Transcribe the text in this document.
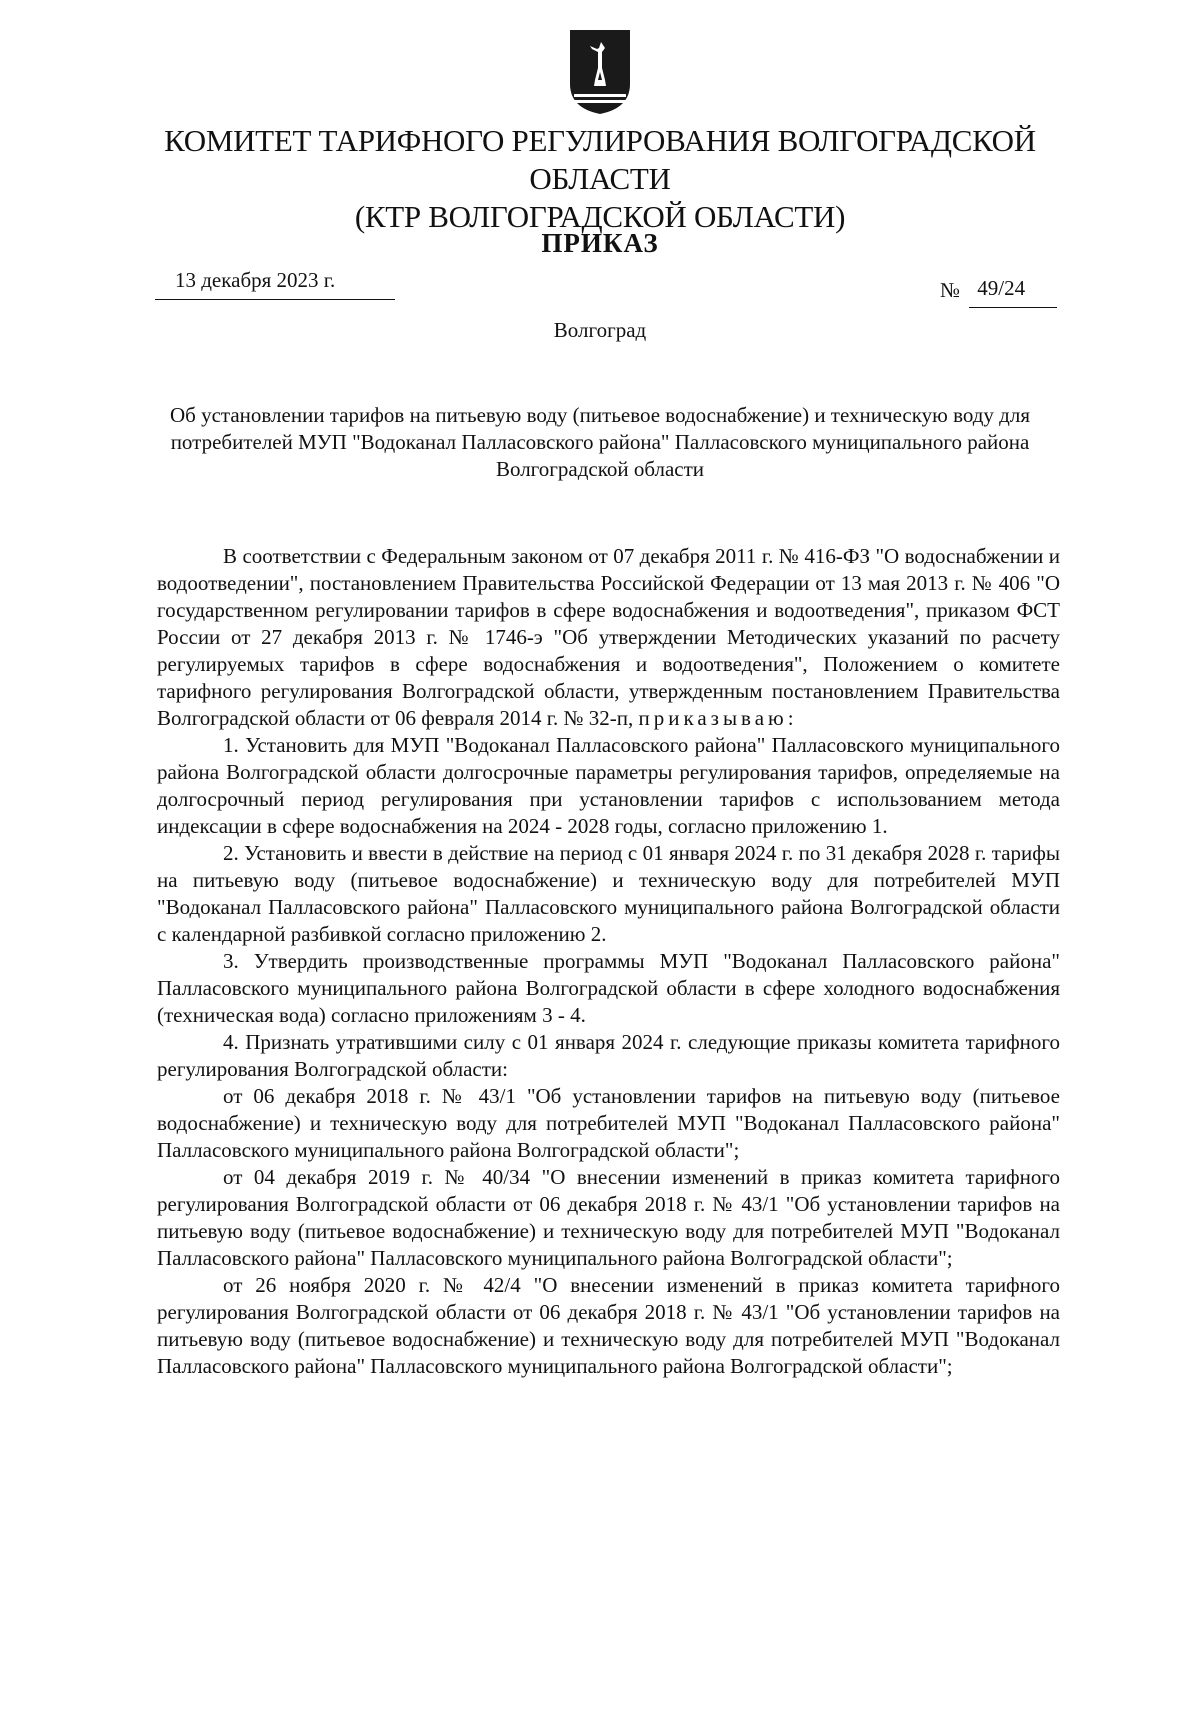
КОМИТЕТ ТАРИФНОГО РЕГУЛИРОВАНИЯ ВОЛГОГРАДСКОЙ ОБЛАСТИ
(КТР ВОЛГОГРАДСКОЙ ОБЛАСТИ)
ПРИКАЗ
13 декабря 2023 г.	№ 49/24
Волгоград
Об установлении тарифов на питьевую воду (питьевое водоснабжение) и техническую воду для потребителей МУП "Водоканал Палласовского района" Палласовского муниципального района Волгоградской области

В соответствии с Федеральным законом от 07 декабря 2011 г. № 416-ФЗ "О водоснабжении и водоотведении", постановлением Правительства Российской Федерации от 13 мая 2013 г. № 406 "О государственном регулировании тарифов в сфере водоснабжения и водоотведения", приказом ФСТ России от 27 декабря 2013 г. № 1746-э "Об утверждении Методических указаний по расчету регулируемых тарифов в сфере водоснабжения и водоотведения", Положением о комитете тарифного регулирования Волгоградской области, утвержденным постановлением Правительства Волгоградской области от 06 февраля 2014 г. № 32-п, приказываю:

1. Установить для МУП "Водоканал Палласовского района" Палласовского муниципального района Волгоградской области долгосрочные параметры регулирования тарифов, определяемые на долгосрочный период регулирования при установлении тарифов с использованием метода индексации в сфере водоснабжения на 2024 - 2028 годы, согласно приложению 1.

2. Установить и ввести в действие на период с 01 января 2024 г. по 31 декабря 2028 г. тарифы на питьевую воду (питьевое водоснабжение) и техническую воду для потребителей МУП "Водоканал Палласовского района" Палласовского муниципального района Волгоградской области с календарной разбивкой согласно приложению 2.

3. Утвердить производственные программы МУП "Водоканал Палласовского района" Палласовского муниципального района Волгоградской области в сфере холодного водоснабжения (техническая вода) согласно приложениям 3 - 4.

4. Признать утратившими силу с 01 января 2024 г. следующие приказы комитета тарифного регулирования Волгоградской области:

от 06 декабря 2018 г. № 43/1 "Об установлении тарифов на питьевую воду (питьевое водоснабжение) и техническую воду для потребителей МУП "Водоканал Палласовского района" Палласовского муниципального района Волгоградской области";

от 04 декабря 2019 г. № 40/34 "О внесении изменений в приказ комитета тарифного регулирования Волгоградской области от 06 декабря 2018 г. № 43/1 "Об установлении тарифов на питьевую воду (питьевое водоснабжение) и техническую воду для потребителей МУП "Водоканал Палласовского района" Палласовского муниципального района Волгоградской области";

от 26 ноября 2020 г. № 42/4 "О внесении изменений в приказ комитета тарифного регулирования Волгоградской области от 06 декабря 2018 г. № 43/1 "Об установлении тарифов на питьевую воду (питьевое водоснабжение) и техническую воду для потребителей МУП "Водоканал Палласовского района" Палласовского муниципального района Волгоградской области";
